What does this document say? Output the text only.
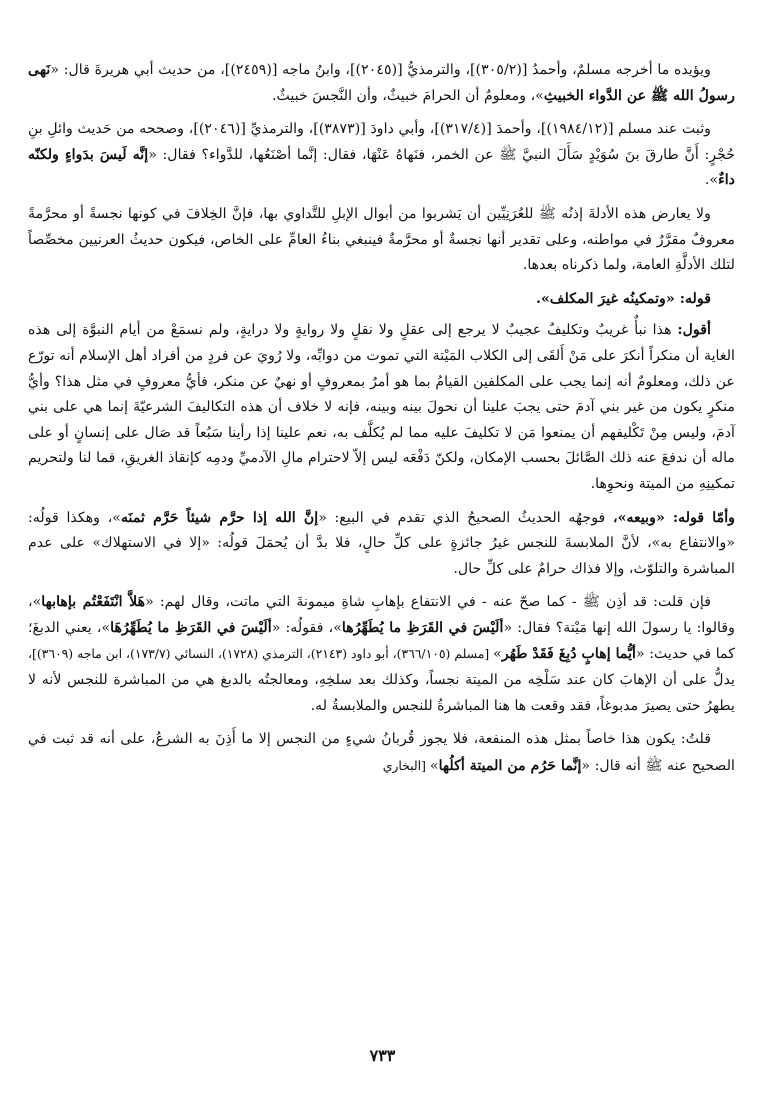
ويؤيده ما أخرجه مسلمٌ، وأحمدُ [(٣٠٥/٢)]، والترمذيُّ [(٢٠٤٥)]، وابنُ ماجه [(٢٤٥٩)]، من حديث أبي هريرةَ قال: «نَهى رسولُ الله ﷺ عن الدَّواء الخبيثِ»، ومعلومٌ أن الحرامَ خبيثٌ، وأن النَّجسَ خبيثٌ.

وثبت عند مسلم [(١٩٨٤/١٢)]، وأحمدَ [(٣١٧/٤)]، وأبي داودَ [(٣٨٧٣)]، والترمذيِّ [(٢٠٤٦)]، وصححه من حَديث وائلِ بنِ حُجْرٍ: أَنَّ طارقَ بنَ سُوَيْدٍ سَأَلَ النبيَّ ﷺ عن الخمر، فنَهاهُ عَنْهَا، فقال: إنَّما أصْنَعُها، للدَّواء؟ فقال: «إنَّه لَيسَ بدَواءٍ ولكنّه داءٌ».

ولا يعارض هذه الأدلةَ إذنُه ﷺ للعُرَنِيِّين أن يَشربوا من أبوال الإبلِ للتَّداوي بها، فإنَّ الخِلافَ في كونها نجسةً أو محرَّمةً معروفٌ مقرَّرٌ في مواطنه، وعلى تقدير أنها نجسةٌ أو محرَّمةٌ فينبغي بناءُ العامِّ على الخاص، فيكون حديثُ العرنيين مخصِّصاً لتلك الأدلَّةِ العامة، ولما ذكرناه بعدها.

قوله: «وتمكينُه غيرَ المكلف».

أقول: هذا نبأٌ غريبٌ وتكليفٌ عجيبٌ لا يرجع إلى عقلٍ ولا نقلٍ ولا روايةٍ ولا درايةٍ، ولم نسمَعْ من أيام النبوَّة إلى هذه الغاية أن منكراً أنكرَ على مَنْ أَلقَى إلى الكلاب المَيْتة التي تموت من دوابِّه، ولا رُويَ عن فردٍ من أفراد أهل الإسلام أنه تورّع عن ذلك، ومعلومٌ أنه إنما يجب على المكلفين القيامُ بما هو أمرٌ بمعروفٍ أو نهيٌ عن منكر، فأيُّ معروفٍ في مثل هذا؟ وأيُّ منكرٍ يكون من غير بني آدمَ حتى يجبَ علينا أن نحولَ بينه وبينه، فإنه لا خلاف أن هذه التكاليفَ الشرعيّةَ إنما هي على بني آدمَ، وليس مِنْ تَكْليفهم أن يمنعوا مَن لا تكليفَ عليه مما لم يُكلَّف به، نعم علينا إذا رأينا سَبُعاً قد صَال على إنسانٍ أو على ماله أن ندفعَ عنه ذلك الصَّائلَ بحسب الإمكان، ولكنّ دَفْعَه ليس إلاّ لاحترام مالِ الآدميِّ ودمِه كإنقاذ الغريقِ، فما لنا ولتحريم تمكينِهِ من الميتة ونحوِها.

وأمّا قوله: «وبيعه»، فوجهُه الحديثُ الصحيحُ الذي تقدم في البيع: «إنَّ الله إذا حرَّم شيئاً حَرَّم ثمنَه»، وهكذا قولُه: «والانتفاع به»، لأنَّ الملابسةَ للنجس غيرُ جائزةٍ على كلِّ حالٍ، فلا بدَّ أن يُحمَلَ قولُه: «إلا في الاستهلاك» على عدم المباشرة والتلوّث، وإلا فذاك حرامٌ على كلِّ حال.

فإن قلت: قد أذِن ﷺ - كما صحّ عنه - في الانتفاع بإهابِ شاةِ ميمونةَ التي ماتت، وقال لهم: «هَلاَّ انْتَفَعْتُم بإهابها»، وقالوا: يا رسولَ الله إنها مَيْتة؟ فقال: «ألَيْسَ في القَرَظِ ما يُطَهِّرُها»، فقولُه: «ألَيْسَ في القَرَظِ ما يُطَهِّرُهَا»، يعني الدبغَ؛ كما في حديث: «أيُّما إهابٍ دُبِغَ فَقَدْ طَهُر» [مسلم (٣٦٦/١٠٥)، أبو داود (٢١٤٣)، الترمذي (١٧٢٨)، النسائي (١٧٣/٧)، ابن ماجه (٣٦٠٩)]، يدلُّ على أن الإهابَ كان عند سَلْخِه من الميتة نجساً، وكذلك بعد سلخِهِ، ومعالجتُه بالدبغ هي من المباشرة للنجس لأنه لا يطهرُ حتى يصيرَ مدبوغاً، فقد وقعت ها هنا المباشرةُ للنجس والملابسةُ له.

قلتُ: يكون هذا خاصاً بمثل هذه المنفعة، فلا يجوز قُربانُ شيءٍ من النجس إلا ما أَذِنَ به الشرعُ، على أنه قد ثبت في الصحيح عنه ﷺ أنه قال: «إنَّما حَرُم من الميتة أكلُها» [البخاري

٧٣٣
